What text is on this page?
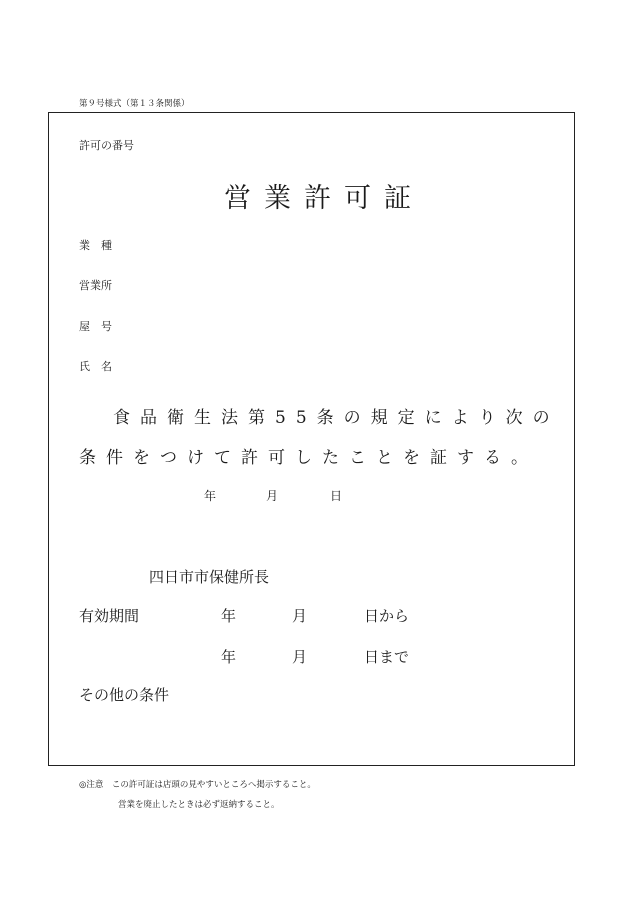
第９号様式（第１３条関係）
許可の番号
営業許可証
業種
営業所
屋号
氏名
食品衛生法第55条の規定により次の
条件をつけて許可したことを証する。
年	月	日
四日市市保健所長
有効期間	年	月	日から
年	月	日まで
その他の条件
◎注意　この許可証は店頭の見やすいところへ掲示すること。
営業を廃止したときは必ず返納すること。
